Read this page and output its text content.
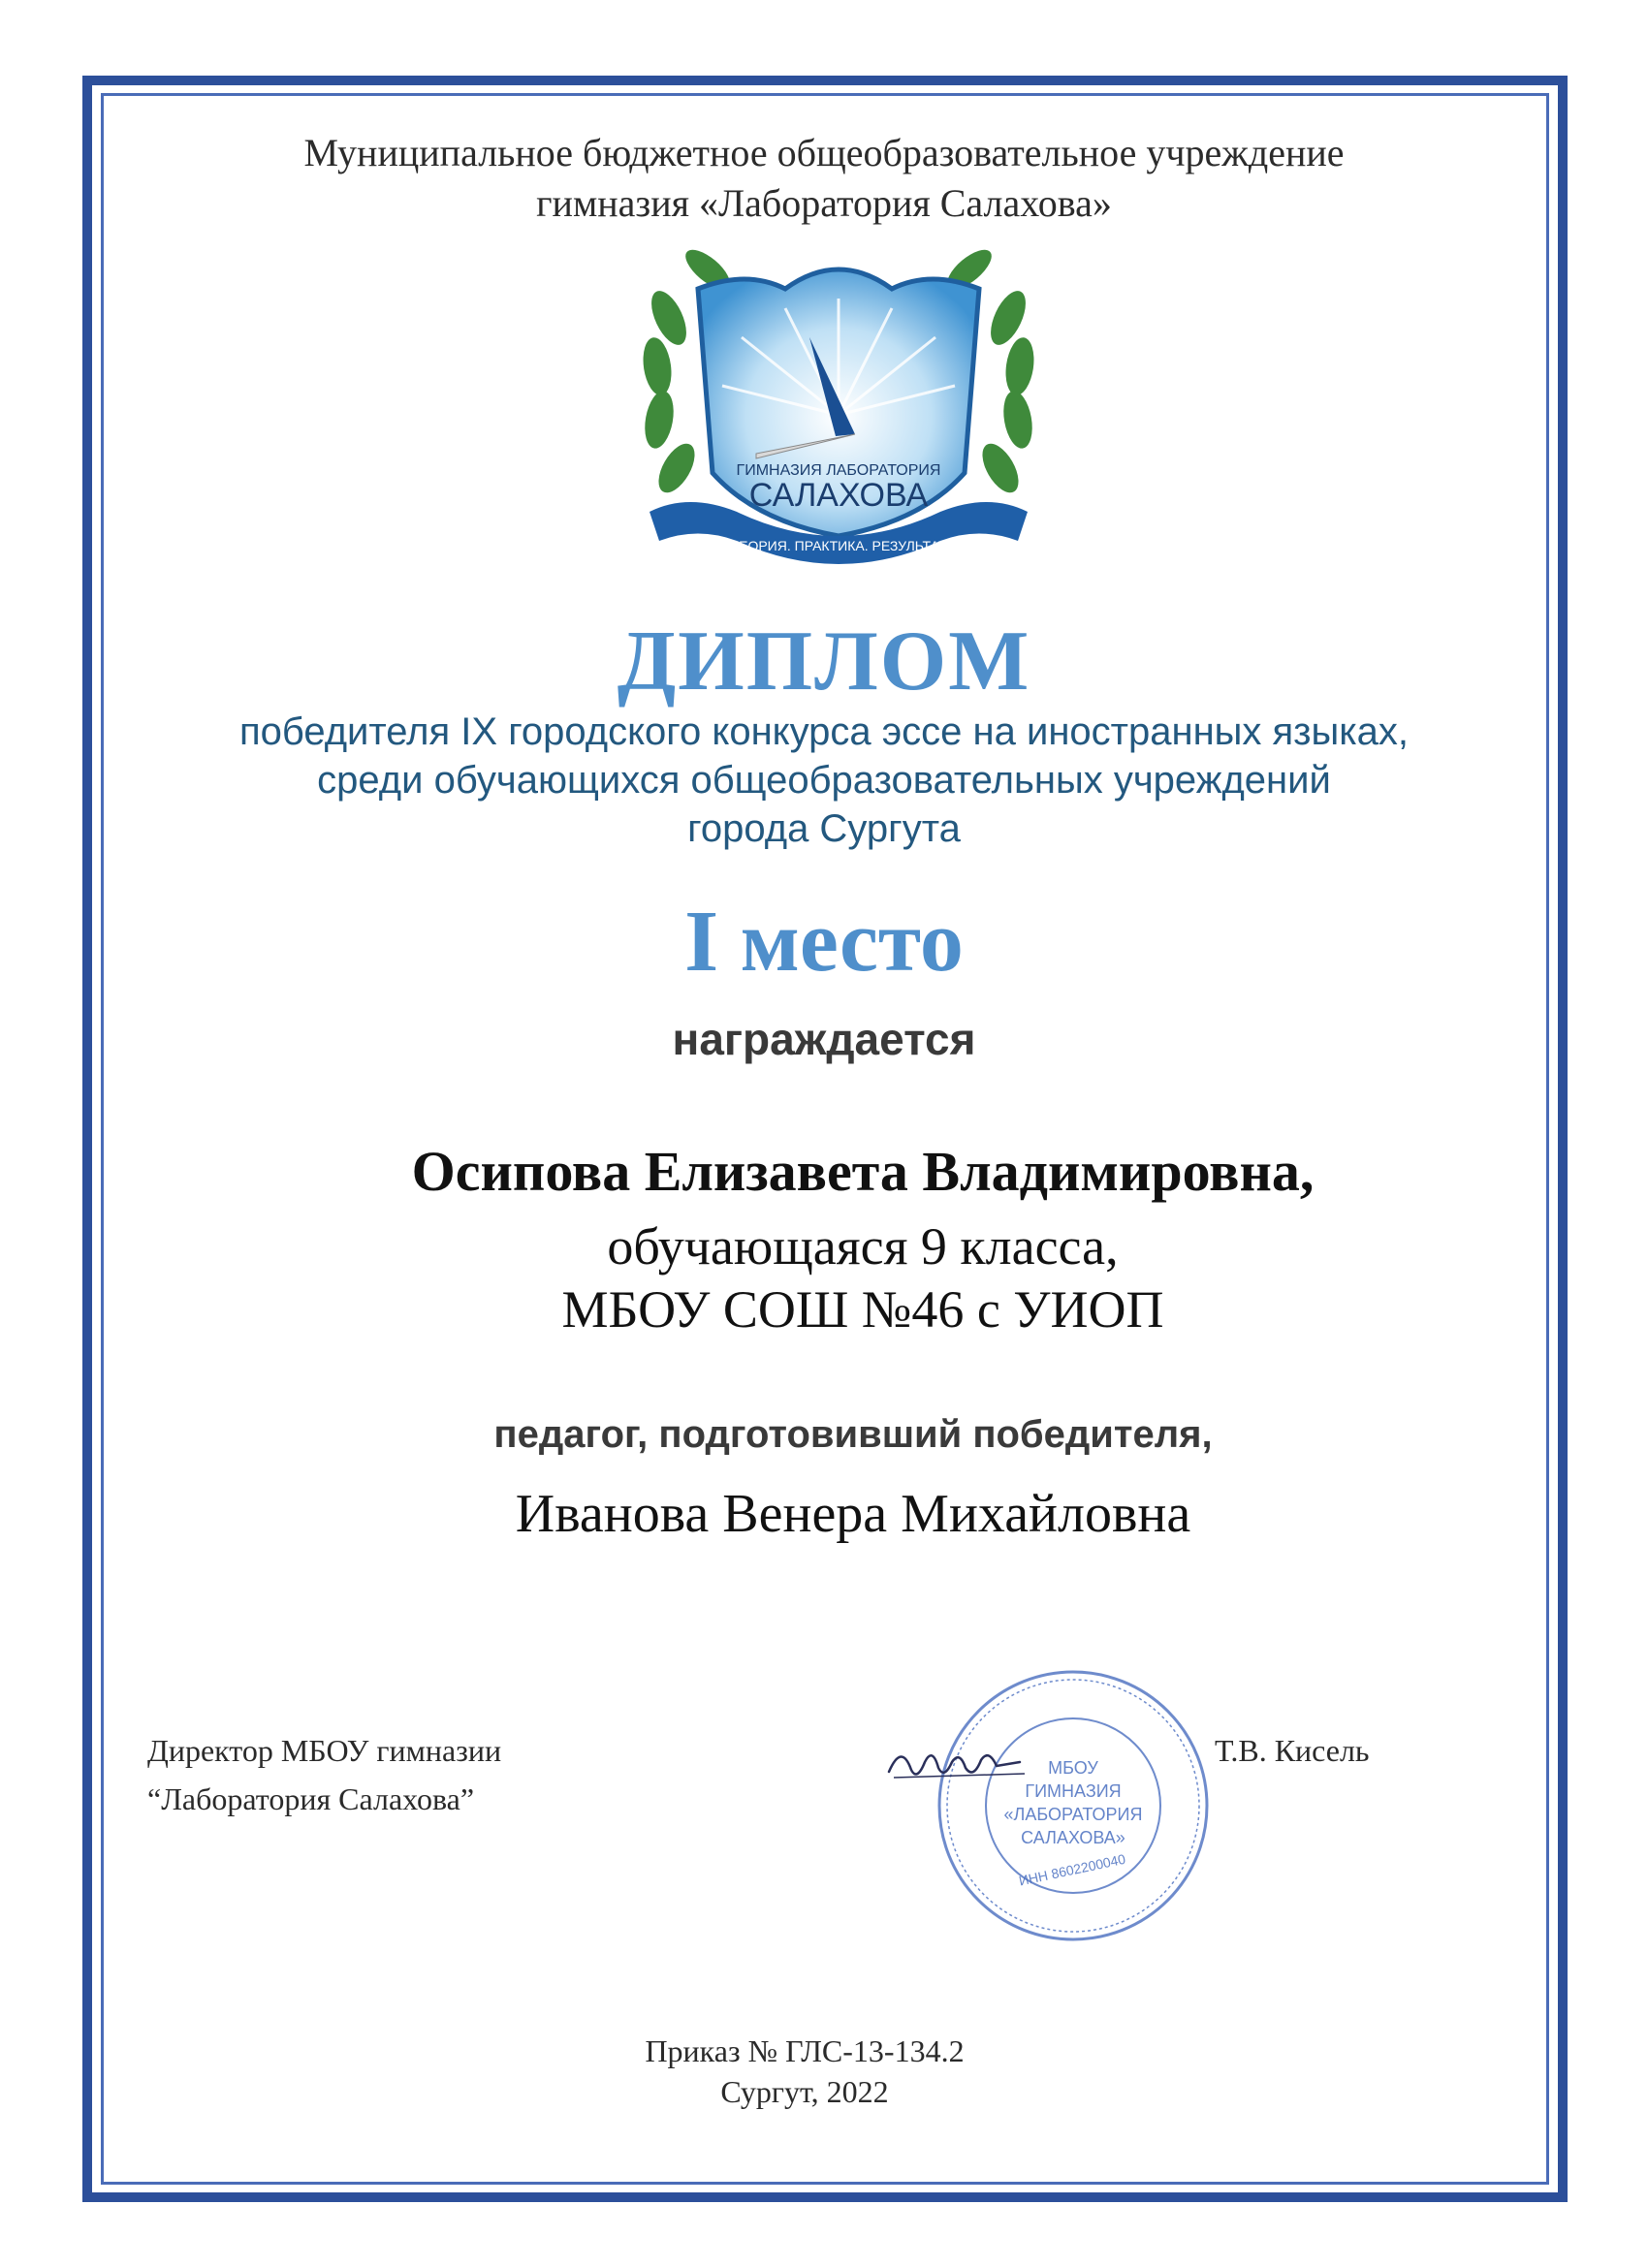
Муниципальное бюджетное общеобразовательное учреждение
гимназия «Лаборатория Салахова»
ГИМНАЗИЯ ЛАБОРАТОРИЯ
САЛАХОВА
ТЕОРИЯ. ПРАКТИКА. РЕЗУЛЬТАТ
ДИПЛОМ
победителя IX городского конкурса эссе на иностранных языках,
среди обучающихся общеобразовательных учреждений
города Сургута
I место
награждается
Осипова Елизавета Владимировна,
обучающаяся 9 класса,
МБОУ СОШ №46 с УИОП
педагог, подготовивший победителя,
Иванова Венера Михайловна
Директор МБОУ гимназии
“Лаборатория Салахова”
Т.В. Кисель
МБОУ
ГИМНАЗИЯ
«ЛАБОРАТОРИЯ
САЛАХОВА»
ИНН 8602200040
Приказ № ГЛС-13-134.2
Сургут, 2022
